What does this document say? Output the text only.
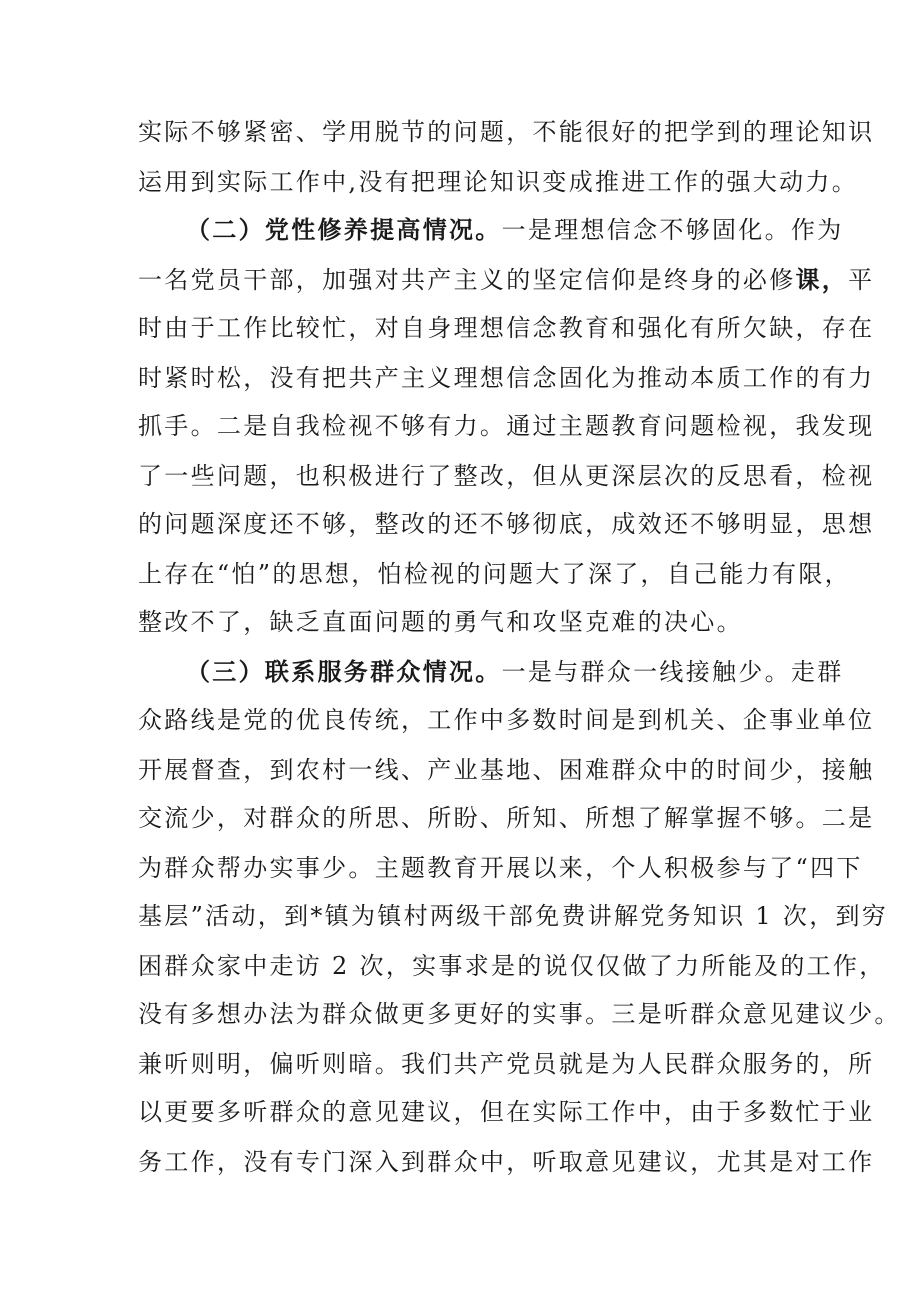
实际不够紧密、学用脱节的问题，不能很好的把学到的理论知识
运用到实际工作中,没有把理论知识变成推进工作的强大动力。
（二）党性修养提高情况。一是理想信念不够固化。作为
一名党员干部，加强对共产主义的坚定信仰是终身的必修课，平
时由于工作比较忙，对自身理想信念教育和强化有所欠缺，存在
时紧时松，没有把共产主义理想信念固化为推动本质工作的有力
抓手。二是自我检视不够有力。通过主题教育问题检视，我发现
了一些问题，也积极进行了整改，但从更深层次的反思看，检视
的问题深度还不够，整改的还不够彻底，成效还不够明显，思想
上存在“怕”的思想，怕检视的问题大了深了，自己能力有限，
整改不了，缺乏直面问题的勇气和攻坚克难的决心。
（三）联系服务群众情况。一是与群众一线接触少。走群
众路线是党的优良传统，工作中多数时间是到机关、企事业单位
开展督查，到农村一线、产业基地、困难群众中的时间少，接触
交流少，对群众的所思、所盼、所知、所想了解掌握不够。二是
为群众帮办实事少。主题教育开展以来，个人积极参与了“四下
基层”活动，到*镇为镇村两级干部免费讲解党务知识 1 次，到穷
困群众家中走访 2 次，实事求是的说仅仅做了力所能及的工作，
没有多想办法为群众做更多更好的实事。三是听群众意见建议少。
兼听则明，偏听则暗。我们共产党员就是为人民群众服务的，所
以更要多听群众的意见建议，但在实际工作中，由于多数忙于业
务工作，没有专门深入到群众中，听取意见建议，尤其是对工作
